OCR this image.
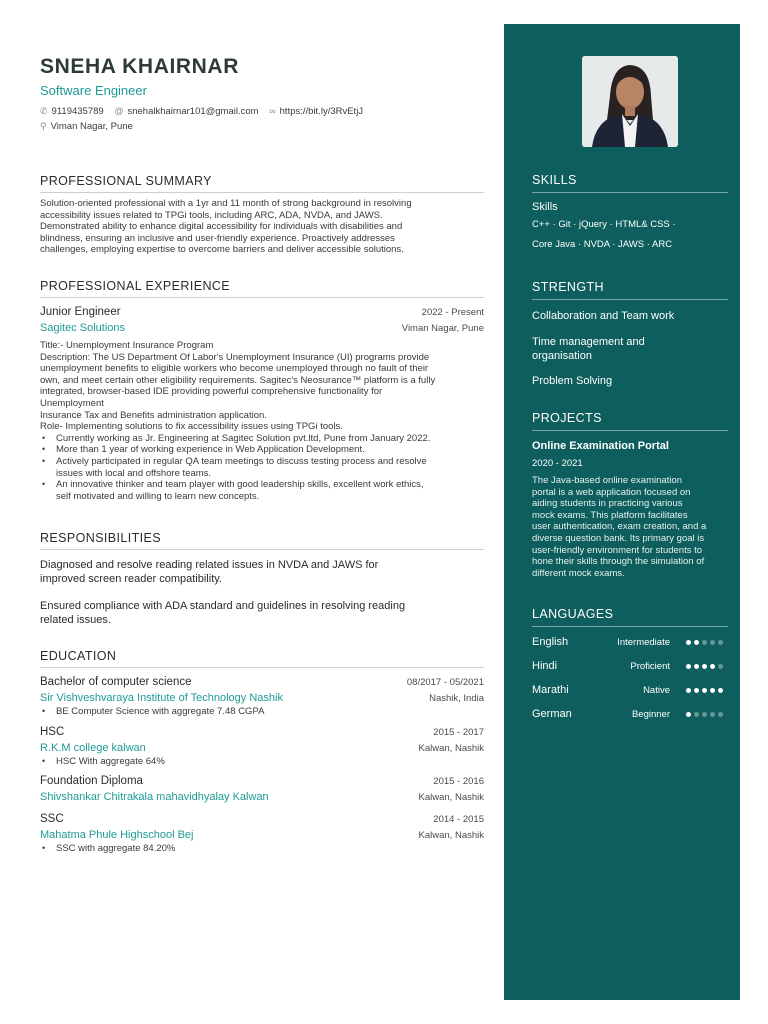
SNEHA KHAIRNAR
Software Engineer
✆ 9119435789
@ snehalkhairnar101@gmail.com
∞ https://bit.ly/3RvEtjJ
⚲ Viman Nagar, Pune
PROFESSIONAL SUMMARY
Solution-oriented professional with a 1yr and 11 month of strong background in resolving
accessibility issues related to TPGi tools, including ARC, ADA, NVDA, and JAWS.
Demonstrated ability to enhance digital accessibility for individuals with disabilities and
blindness, ensuring an inclusive and user-friendly experience. Proactively addresses
challenges, employing expertise to overcome barriers and deliver accessible solutions.
PROFESSIONAL EXPERIENCE
Junior Engineer	2022 - Present
Sagitec Solutions	Viman Nagar, Pune
Title:- Unemployment Insurance Program
Description: The US Department Of Labor's Unemployment Insurance (UI) programs provide
unemployment benefits to eligible workers who become unemployed through no fault of their
own, and meet certain other eligibility requirements. Sagitec's Neosurance™ platform is a fully
integrated, browser-based IDE providing powerful comprehensive functionality for
Unemployment
Insurance Tax and Benefits administration application.
Role- Implementing solutions to fix accessibility issues using TPGi tools.
• Currently working as Jr. Engineering at Sagitec Solution pvt.ltd, Pune from January 2022.
• More than 1 year of working experience in Web Application Development.
• Actively participated in regular QA team meetings to discuss testing process and resolve
issues with local and offshore teams.
• An innovative thinker and team player with good leadership skills, excellent work ethics,
self motivated and willing to learn new concepts.
RESPONSIBILITIES
Diagnosed and resolve reading related issues in NVDA and JAWS for
improved screen reader compatibility.
Ensured compliance with ADA standard and guidelines in resolving reading
related issues.
EDUCATION
Bachelor of computer science	08/2017 - 05/2021
Sir Vishveshvaraya Institute of Technology Nashik	Nashik, India
• BE Computer Science with aggregate 7.48 CGPA
HSC	2015 - 2017
R.K.M college kalwan	Kalwan, Nashik
• HSC With aggregate 64%
Foundation Diploma	2015 - 2016
Shivshankar Chitrakala mahavidhyalay Kalwan	Kalwan, Nashik
SSC	2014 - 2015
Mahatma Phule Highschool Bej	Kalwan, Nashik
• SSC with aggregate 84.20%
SKILLS
Skills
C++ · Git · jQuery · HTML& CSS ·
Core Java · NVDA · JAWS · ARC
STRENGTH
Collaboration and Team work
Time management and
organisation
Problem Solving
PROJECTS
Online Examination Portal
2020 - 2021
The Java-based online examination
portal is a web application focused on
aiding students in practicing various
mock exams. This platform facilitates
user authentication, exam creation, and a
diverse question bank. Its primary goal is
user-friendly environment for students to
hone their skills through the simulation of
different mock exams.
LANGUAGES
English	Intermediate
Hindi	Proficient
Marathi	Native
German	Beginner
